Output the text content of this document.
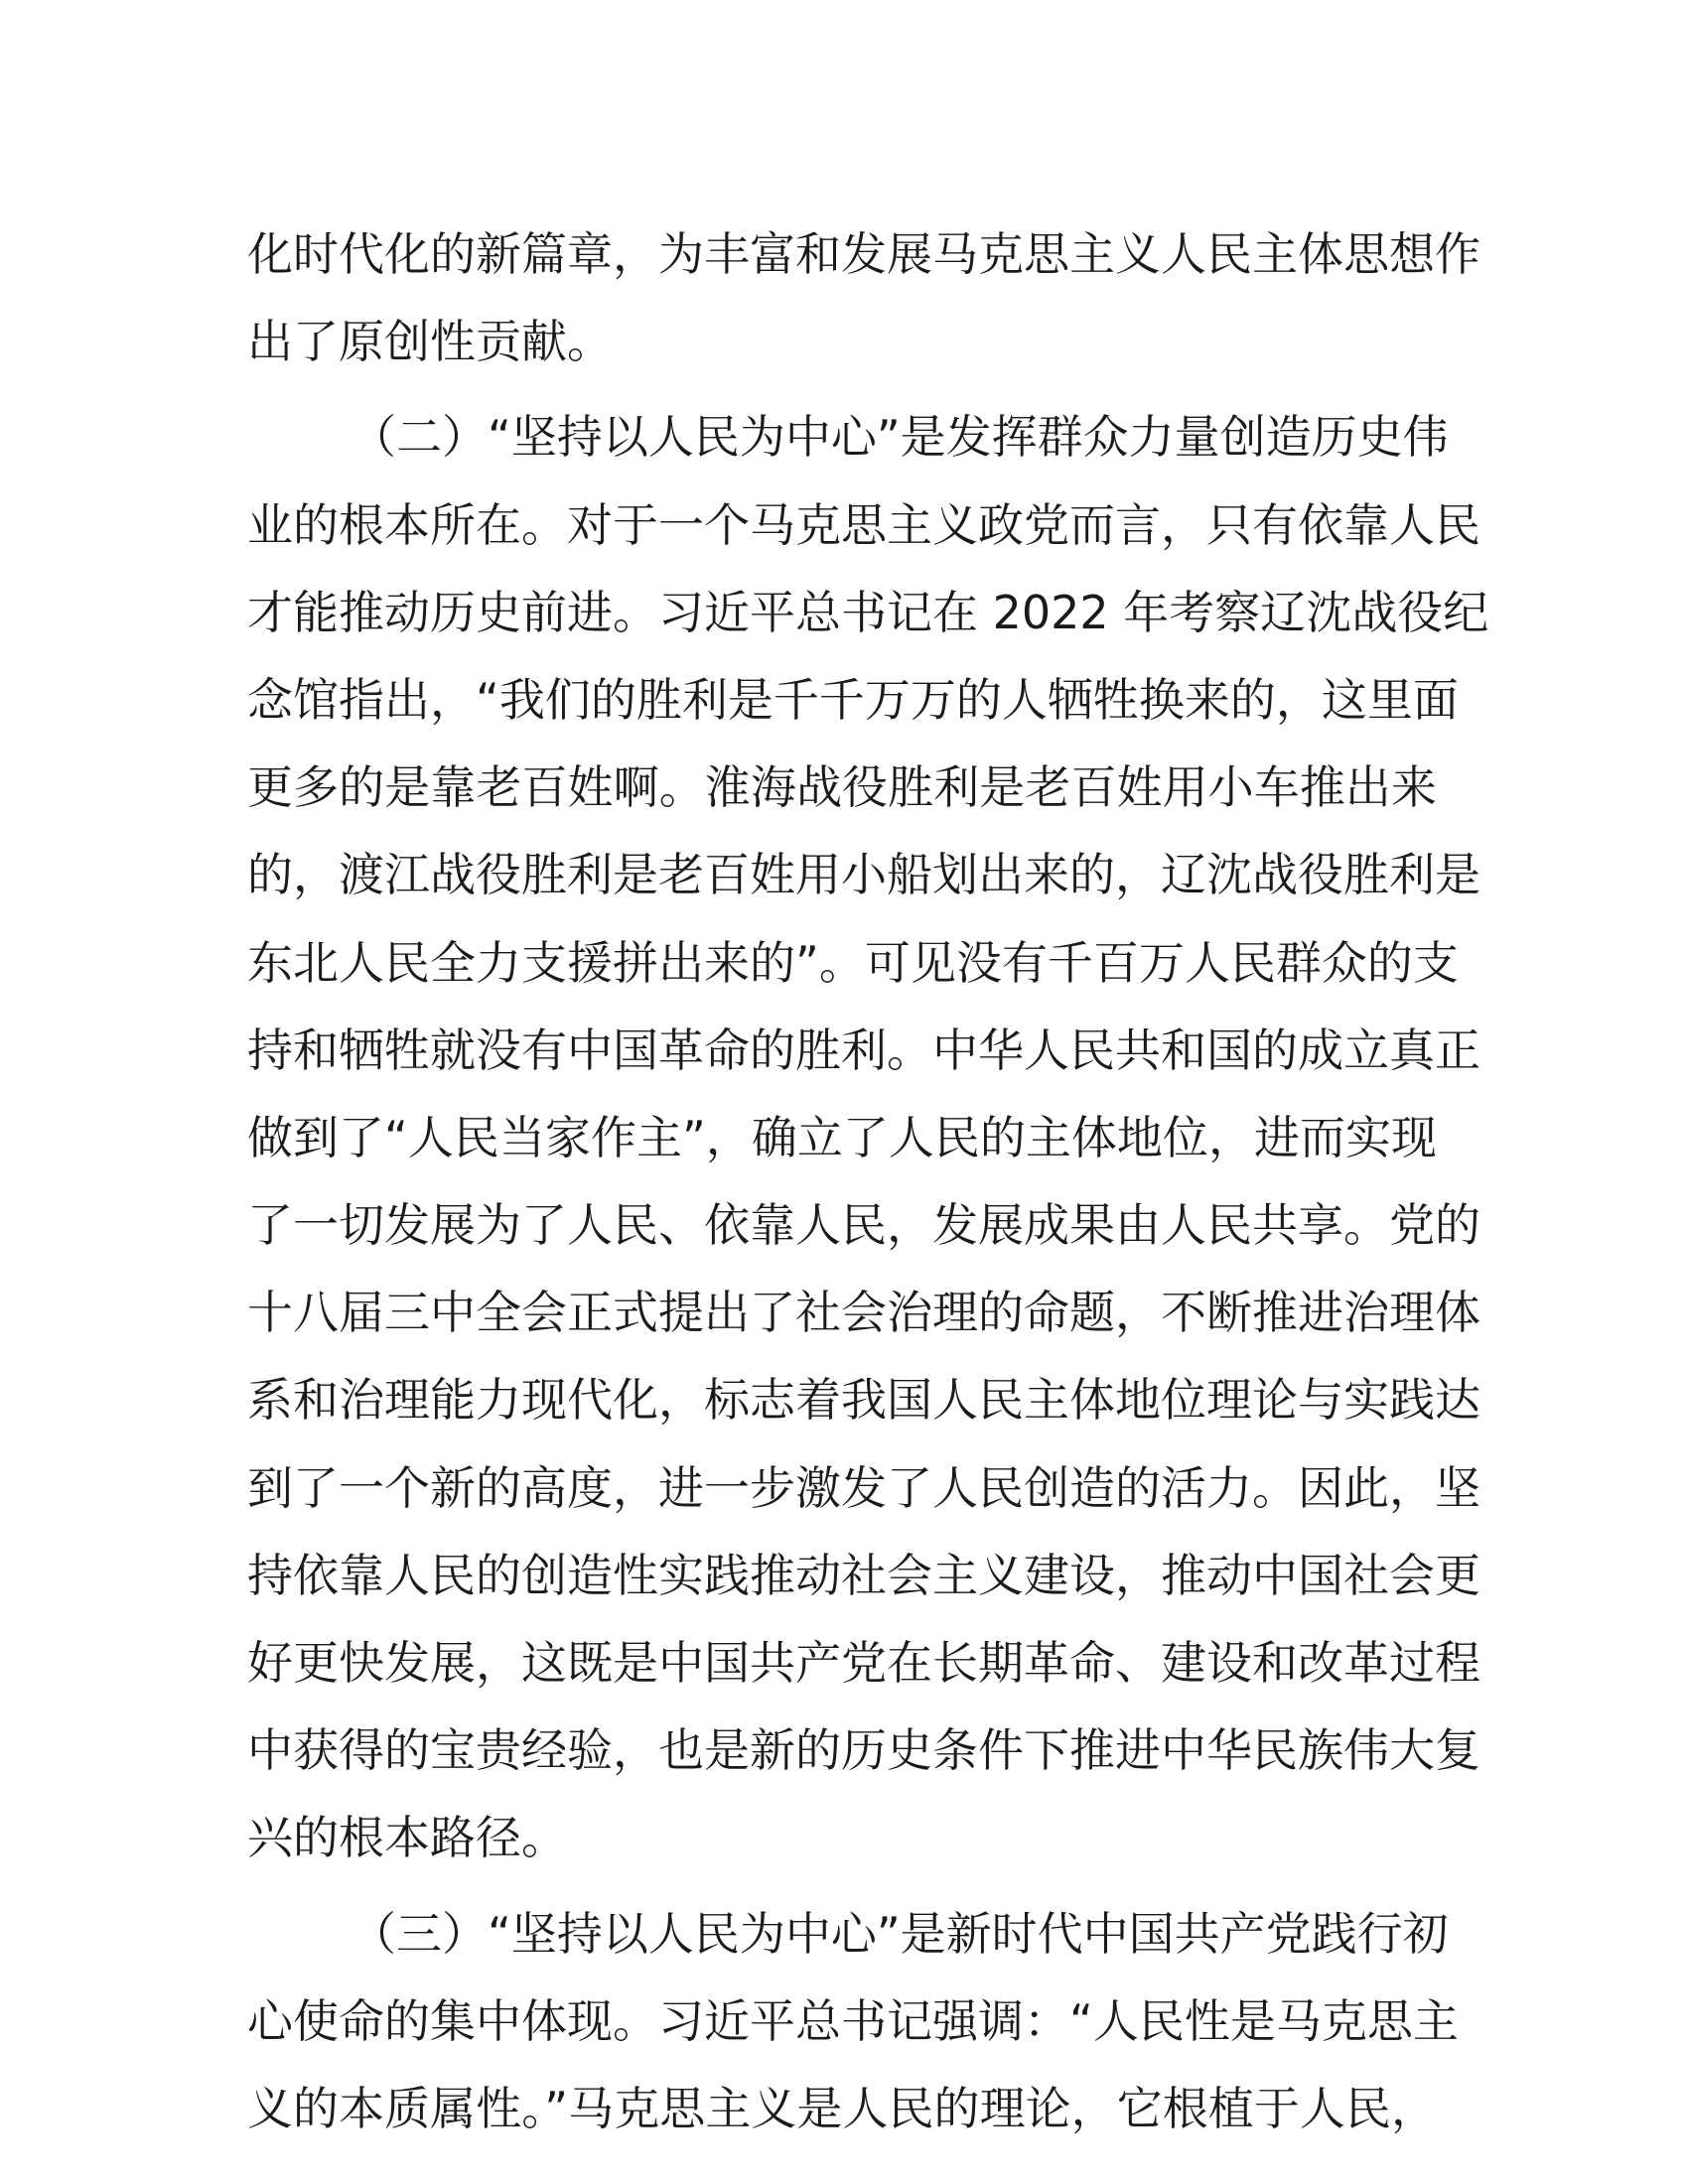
化时代化的新篇章，为丰富和发展马克思主义人民主体思想作
出了原创性贡献。
（二）“坚持以人民为中心”是发挥群众力量创造历史伟
业的根本所在。对于一个马克思主义政党而言，只有依靠人民
才能推动历史前进。习近平总书记在 2022 年考察辽沈战役纪
念馆指出，“我们的胜利是千千万万的人牺牲换来的，这里面
更多的是靠老百姓啊。淮海战役胜利是老百姓用小车推出来
的，渡江战役胜利是老百姓用小船划出来的，辽沈战役胜利是
东北人民全力支援拼出来的”。可见没有千百万人民群众的支
持和牺牲就没有中国革命的胜利。中华人民共和国的成立真正
做到了“人民当家作主”，确立了人民的主体地位，进而实现
了一切发展为了人民、依靠人民，发展成果由人民共享。党的
十八届三中全会正式提出了社会治理的命题，不断推进治理体
系和治理能力现代化，标志着我国人民主体地位理论与实践达
到了一个新的高度，进一步激发了人民创造的活力。因此，坚
持依靠人民的创造性实践推动社会主义建设，推动中国社会更
好更快发展，这既是中国共产党在长期革命、建设和改革过程
中获得的宝贵经验，也是新的历史条件下推进中华民族伟大复
兴的根本路径。
（三）“坚持以人民为中心”是新时代中国共产党践行初
心使命的集中体现。习近平总书记强调：“人民性是马克思主
义的本质属性。”马克思主义是人民的理论，它根植于人民，
